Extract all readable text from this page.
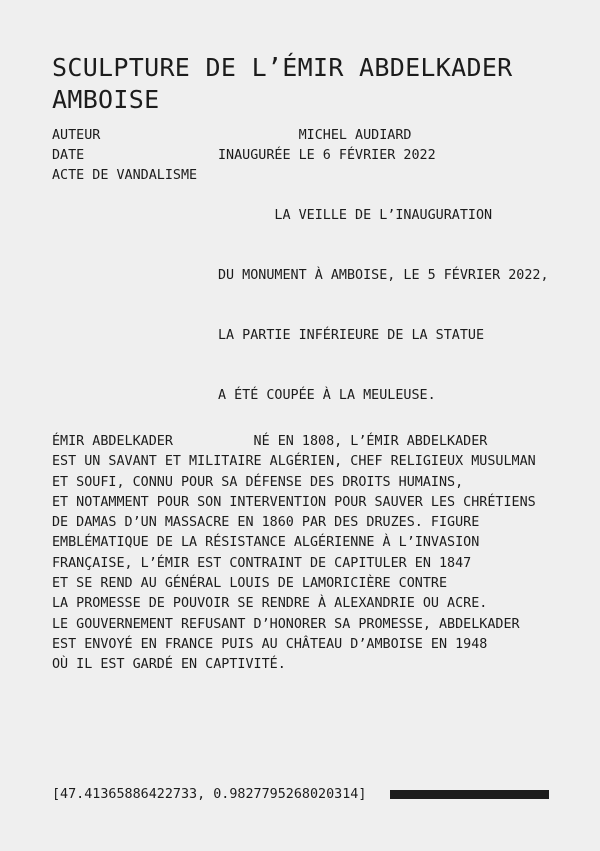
SCULPTURE DE L’ÉMIR ABDELKADER
AMBOISE
AUTEUR	MICHEL AUDIARD
DATE	INAUGURÉE LE 6 FÉVRIER 2022
ACTE DE VANDALISME

LA VEILLE DE L’INAUGURATION

DU MONUMENT À AMBOISE, LE 5 FÉVRIER 2022,

LA PARTIE INFÉRIEURE DE LA STATUE

A ÉTÉ COUPÉE À LA MEULEUSE.

ÉMIR ABDELKADER          NÉ EN 1808, L’ÉMIR ABDELKADER
EST UN SAVANT ET MILITAIRE ALGÉRIEN, CHEF RELIGIEUX MUSULMAN
ET SOUFI, CONNU POUR SA DÉFENSE DES DROITS HUMAINS,
ET NOTAMMENT POUR SON INTERVENTION POUR SAUVER LES CHRÉTIENS
DE DAMAS D’UN MASSACRE EN 1860 PAR DES DRUZES. FIGURE
EMBLÉMATIQUE DE LA RÉSISTANCE ALGÉRIENNE À L’INVASION
FRANÇAISE, L’ÉMIR EST CONTRAINT DE CAPITULER EN 1847
ET SE REND AU GÉNÉRAL LOUIS DE LAMORICIÈRE CONTRE
LA PROMESSE DE POUVOIR SE RENDRE À ALEXANDRIE OU ACRE.
LE GOUVERNEMENT REFUSANT D’HONORER SA PROMESSE, ABDELKADER
EST ENVOYÉ EN FRANCE PUIS AU CHÂTEAU D’AMBOISE EN 1948
OÙ IL EST GARDÉ EN CAPTIVITÉ.
[47.41365886422733, 0.9827795268020314]
